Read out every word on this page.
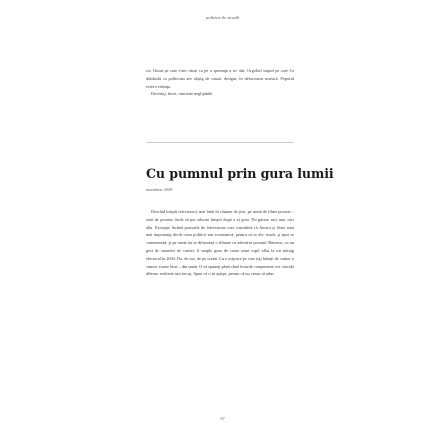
politica de stradă

ria. Omul pe care l-am văzut ca pe o speranţă a ro- dat. Orgoliul stupid pe care l-a dobândit ca politician are câştig de cauză, desigur, în defavoarea noastră. Poporul evită evidenţa.

Deveniţi, încet, cantitate neglijabilă.

Cu pumnul prin gura lumii
noiembrie 2009

Deschid liniştit televizorul, mai întâi în căutare de ştiri, pe urmă de filme proaste – axăt de proaste, încât să pot adormi liniştit după o zi grea. Nu găsesc nici una, nici alta. Excepţie făcând posturile de televiziune care consideră că Amica şi State sunt mai importanţi decât criza politică sau economică, pentru că se dis- tează, şi apoi se comentează, şi pe urmă iar se difuzează o filmare cu adevărat şocantă: Băsescu, cu un gest de smardoi de cartier, îi umple gura de carne unui copil aflat la un miting electoral în 2004. Da, de sus, de pe scenă. Cu o mişcare pe care toţi băieţii de cartier o cunosc foarte bine – din umăr. O să spuneţi până când forurile competente vor clucida dilema: realitate sau trucaj. Spun că o să aştept, pentru că nu vreau să aduc

37
